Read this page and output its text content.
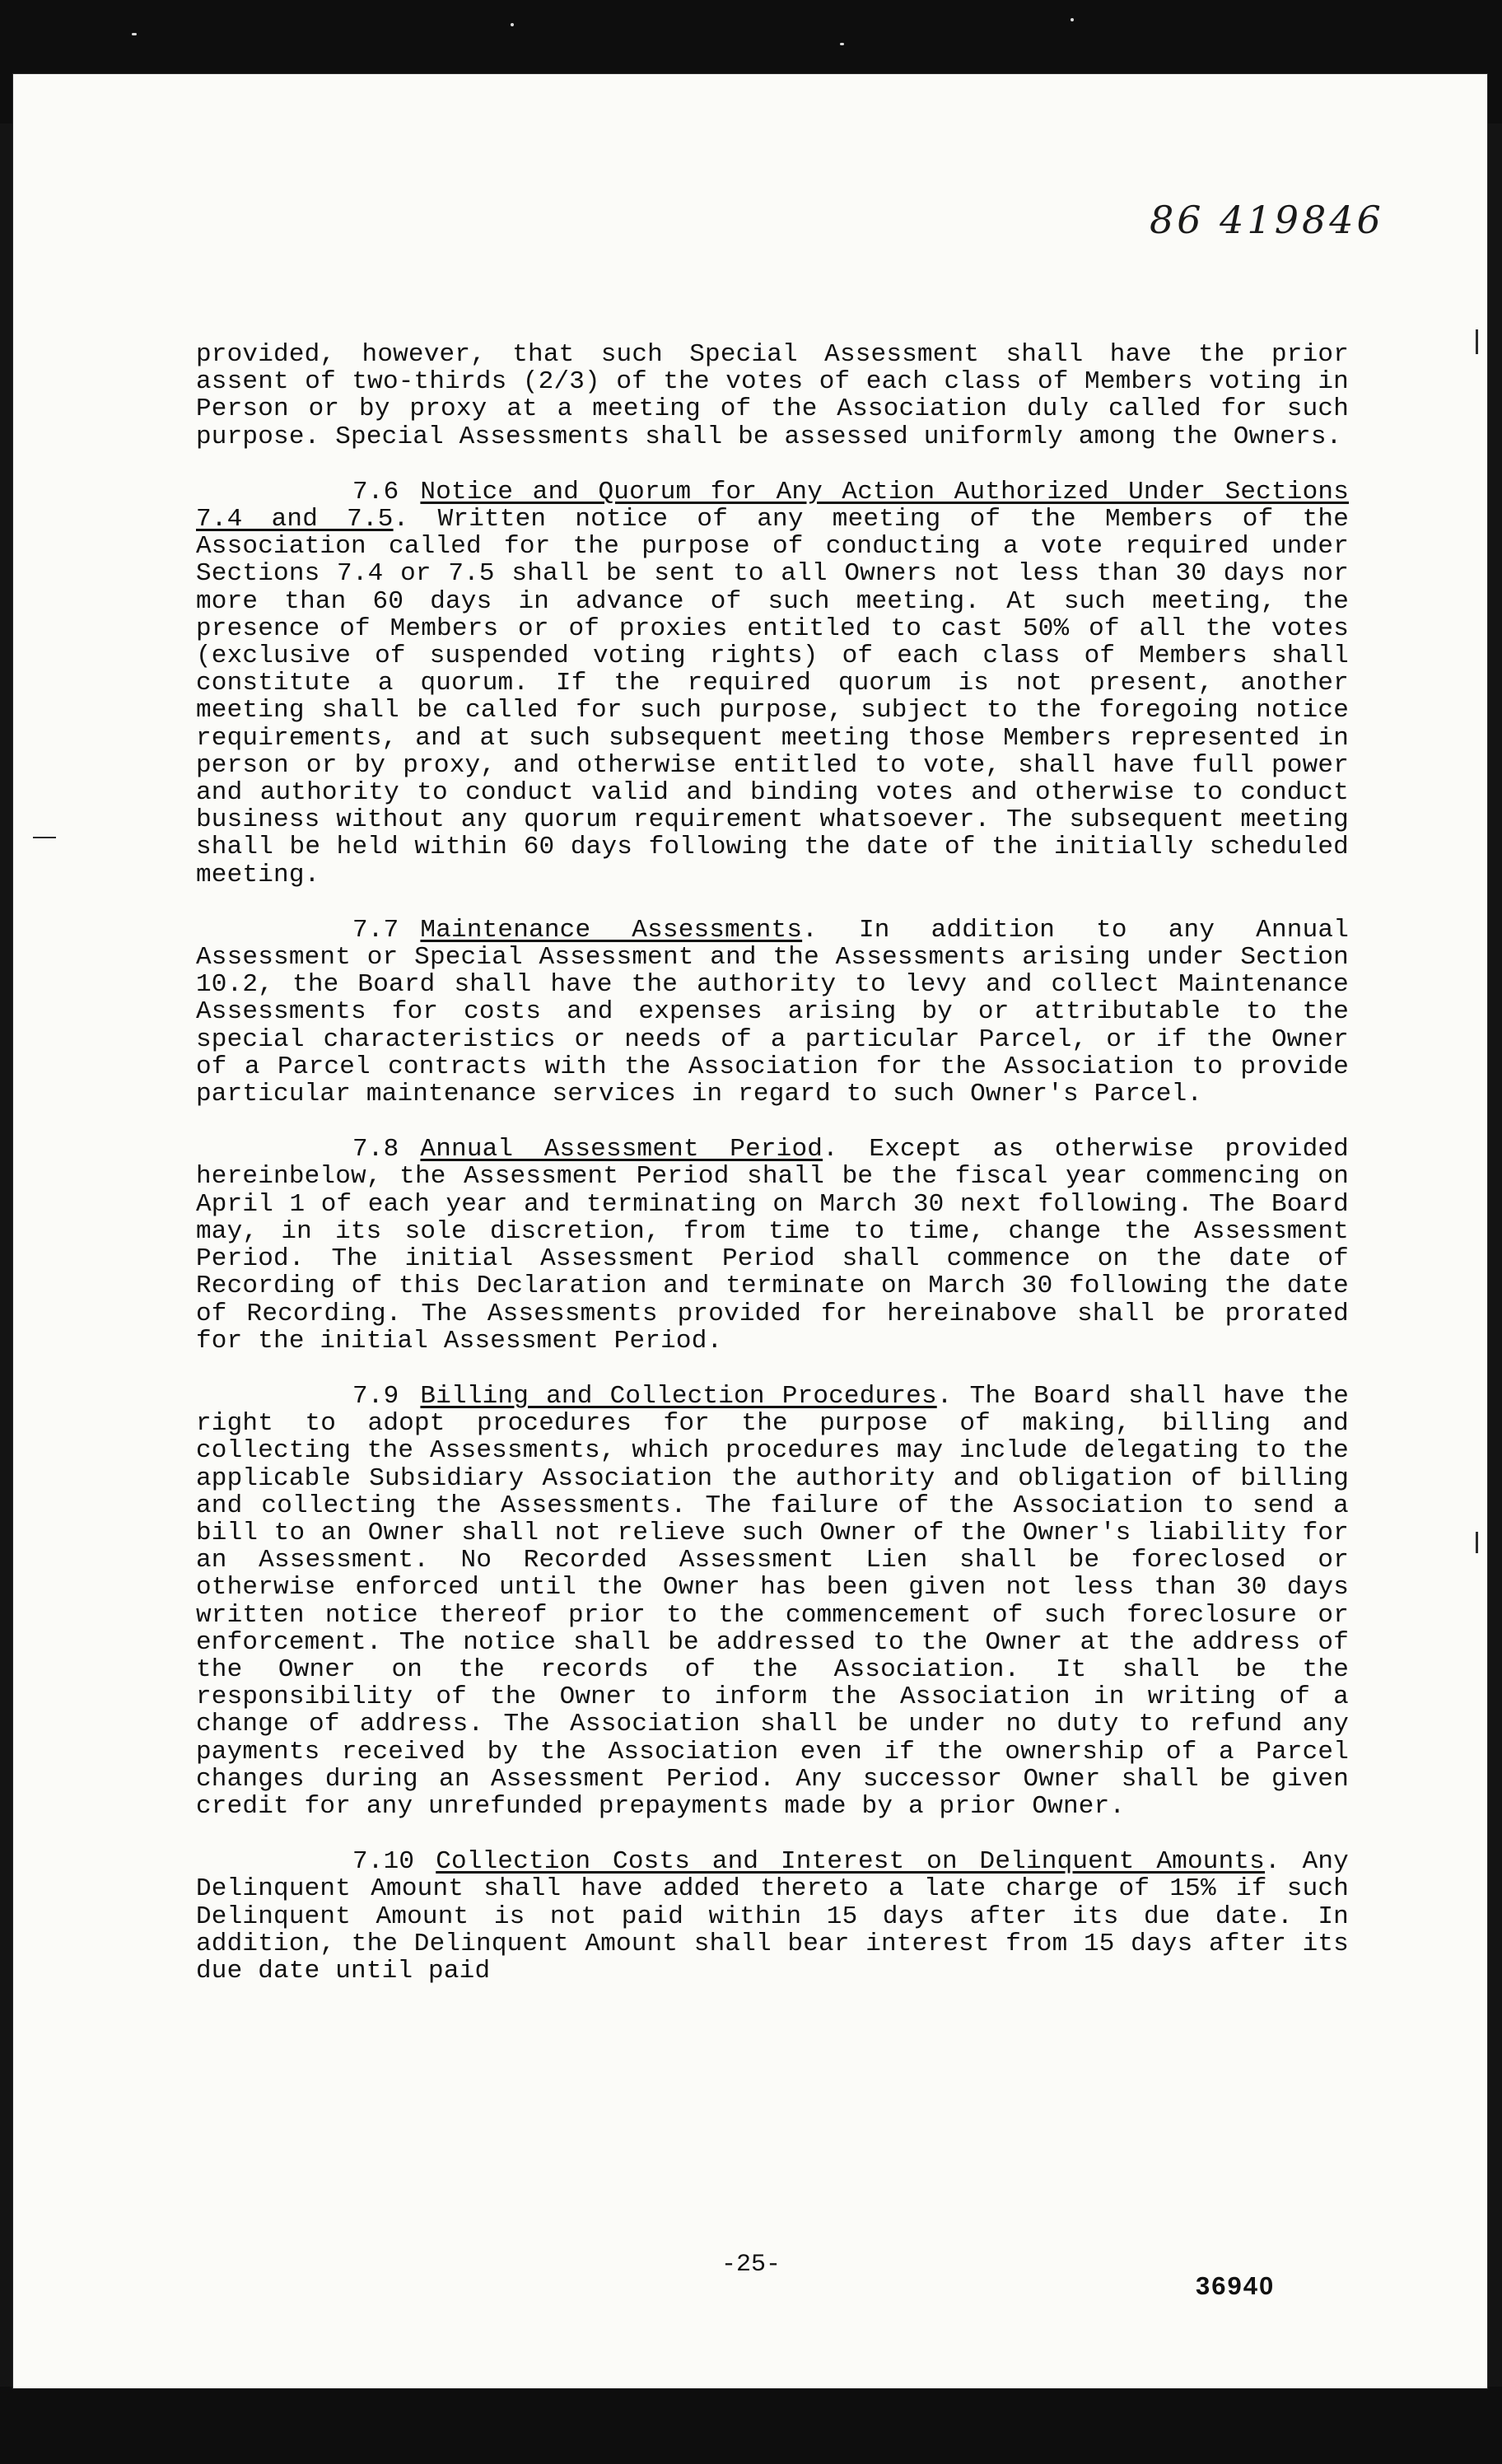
86 419846

provided, however, that such Special Assessment shall have the prior assent of two-thirds (2/3) of the votes of each class of Members voting in Person or by proxy at a meeting of the Association duly called for such purpose. Special Assessments shall be assessed uniformly among the Owners.

7.6 Notice and Quorum for Any Action Authorized Under Sections 7.4 and 7.5. Written notice of any meeting of the Members of the Association called for the purpose of conducting a vote required under Sections 7.4 or 7.5 shall be sent to all Owners not less than 30 days nor more than 60 days in advance of such meeting. At such meeting, the presence of Members or of proxies entitled to cast 50% of all the votes (exclusive of suspended voting rights) of each class of Members shall constitute a quorum. If the required quorum is not present, another meeting shall be called for such purpose, subject to the foregoing notice requirements, and at such subsequent meeting those Members represented in person or by proxy, and otherwise entitled to vote, shall have full power and authority to conduct valid and binding votes and otherwise to conduct business without any quorum requirement whatsoever. The subsequent meeting shall be held within 60 days following the date of the initially scheduled meeting.

7.7 Maintenance Assessments. In addition to any Annual Assessment or Special Assessment and the Assessments arising under Section 10.2, the Board shall have the authority to levy and collect Maintenance Assessments for costs and expenses arising by or attributable to the special characteristics or needs of a particular Parcel, or if the Owner of a Parcel contracts with the Association for the Association to provide particular maintenance services in regard to such Owner's Parcel.

7.8 Annual Assessment Period. Except as otherwise provided hereinbelow, the Assessment Period shall be the fiscal year commencing on April 1 of each year and terminating on March 30 next following. The Board may, in its sole discretion, from time to time, change the Assessment Period. The initial Assessment Period shall commence on the date of Recording of this Declaration and terminate on March 30 following the date of Recording. The Assessments provided for hereinabove shall be prorated for the initial Assessment Period.

7.9 Billing and Collection Procedures. The Board shall have the right to adopt procedures for the purpose of making, billing and collecting the Assessments, which procedures may include delegating to the applicable Subsidiary Association the authority and obligation of billing and collecting the Assessments. The failure of the Association to send a bill to an Owner shall not relieve such Owner of the Owner's liability for an Assessment. No Recorded Assessment Lien shall be foreclosed or otherwise enforced until the Owner has been given not less than 30 days written notice thereof prior to the commencement of such foreclosure or enforcement. The notice shall be addressed to the Owner at the address of the Owner on the records of the Association. It shall be the responsibility of the Owner to inform the Association in writing of a change of address. The Association shall be under no duty to refund any payments received by the Association even if the ownership of a Parcel changes during an Assessment Period. Any successor Owner shall be given credit for any unrefunded prepayments made by a prior Owner.

7.10 Collection Costs and Interest on Delinquent Amounts. Any Delinquent Amount shall have added thereto a late charge of 15% if such Delinquent Amount is not paid within 15 days after its due date. In addition, the Delinquent Amount shall bear interest from 15 days after its due date until paid

-25-
36940
